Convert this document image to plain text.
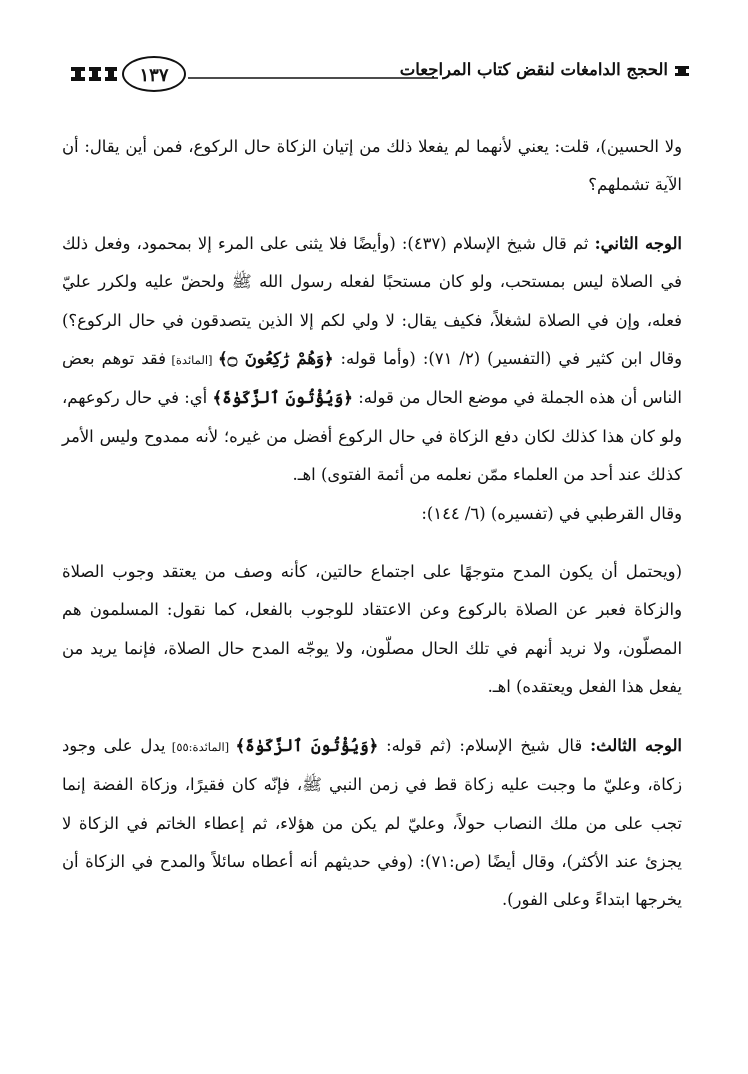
الحجج الدامغات لنقض كتاب المراجعات
١٣٧

ولا الحسين)، قلت: يعني لأنهما لم يفعلا ذلك من إتيان الزكاة حال الركوع، فمن أين يقال: أن الآية تشملهم؟

الوجه الثاني: ثم قال شيخ الإسلام (٤٣٧): (وأيضًا فلا يثنى على المرء إلا بمحمود، وفعل ذلك في الصلاة ليس بمستحب، ولو كان مستحبًا لفعله رسول الله ﷺ ولحضّ عليه ولكرر عليّ فعله، وإن في الصلاة لشغلاً، فكيف يقال: لا ولي لكم إلا الذين يتصدقون في حال الركوع؟) وقال ابن كثير في (التفسير) (٢/ ٧١): (وأما قوله: ﴿وَهُمْ رَٰكِعُونَ ۝﴾ [المائدة] فقد توهم بعض الناس أن هذه الجملة في موضع الحال من قوله: ﴿وَيُؤْتُونَ ٱلزَّكَوٰةَ﴾ أي: في حال ركوعهم، ولو كان هذا كذلك لكان دفع الزكاة في حال الركوع أفضل من غيره؛ لأنه ممدوح وليس الأمر كذلك عند أحد من العلماء ممّن نعلمه من أئمة الفتوى) اهـ.

وقال القرطبي في (تفسيره) (٦/ ١٤٤):

(ويحتمل أن يكون المدح متوجهًا على اجتماع حالتين، كأنه وصف من يعتقد وجوب الصلاة والزكاة فعبر عن الصلاة بالركوع وعن الاعتقاد للوجوب بالفعل، كما نقول: المسلمون هم المصلّون، ولا نريد أنهم في تلك الحال مصلّون، ولا يوجّه المدح حال الصلاة، فإنما يريد من يفعل هذا الفعل ويعتقده) اهـ.

الوجه الثالث: قال شيخ الإسلام: (ثم قوله: ﴿وَيُؤْتُونَ ٱلزَّكَوٰةَ﴾ [المائدة:٥٥] يدل على وجود زكاة، وعليّ ما وجبت عليه زكاة قط في زمن النبي ﷺ، فإنّه كان فقيرًا، وزكاة الفضة إنما تجب على من ملك النصاب حولاً، وعليّ لم يكن من هؤلاء، ثم إعطاء الخاتم في الزكاة لا يجزئ عند الأكثر)، وقال أيضًا (ص:٧١): (وفي حديثهم أنه أعطاه سائلاً والمدح في الزكاة أن يخرجها ابتداءً وعلى الفور).
